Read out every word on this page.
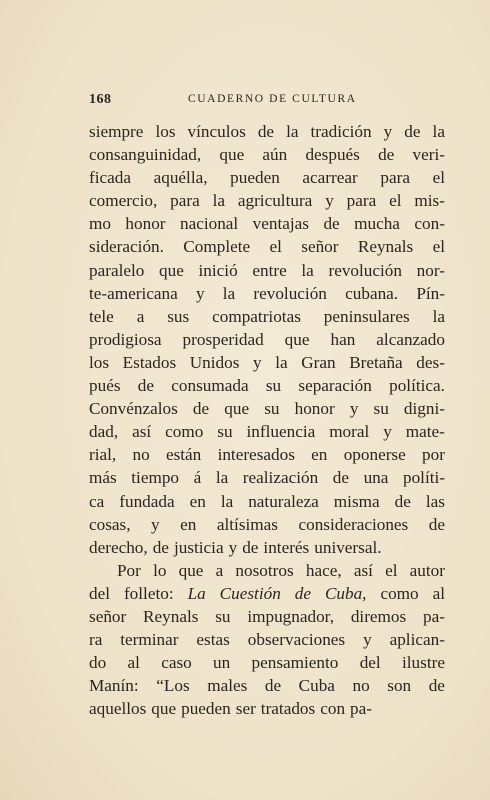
168	CUADERNO DE CULTURA
siempre los vínculos de la tradición y de la
consanguinidad, que aún después de veri-
ficada aquélla, pueden acarrear para el
comercio, para la agricultura y para el mis-
mo honor nacional ventajas de mucha con-
sideración. Complete el señor Reynals el
paralelo que inició entre la revolución nor-
te-americana y la revolución cubana. Pín-
tele a sus compatriotas peninsulares la
prodigiosa prosperidad que han alcanzado
los Estados Unidos y la Gran Bretaña des-
pués de consumada su separación política.
Convénzalos de que su honor y su digni-
dad, así como su influencia moral y mate-
rial, no están interesados en oponerse por
más tiempo á la realización de una políti-
ca fundada en la naturaleza misma de las
cosas, y en altísimas consideraciones de
derecho, de justicia y de interés universal.
Por lo que a nosotros hace, así el autor
del folleto: La Cuestión de Cuba, como al
señor Reynals su impugnador, diremos pa-
ra terminar estas observaciones y aplican-
do al caso un pensamiento del ilustre
Manín: “Los males de Cuba no son de
aquellos que pueden ser tratados con pa-
